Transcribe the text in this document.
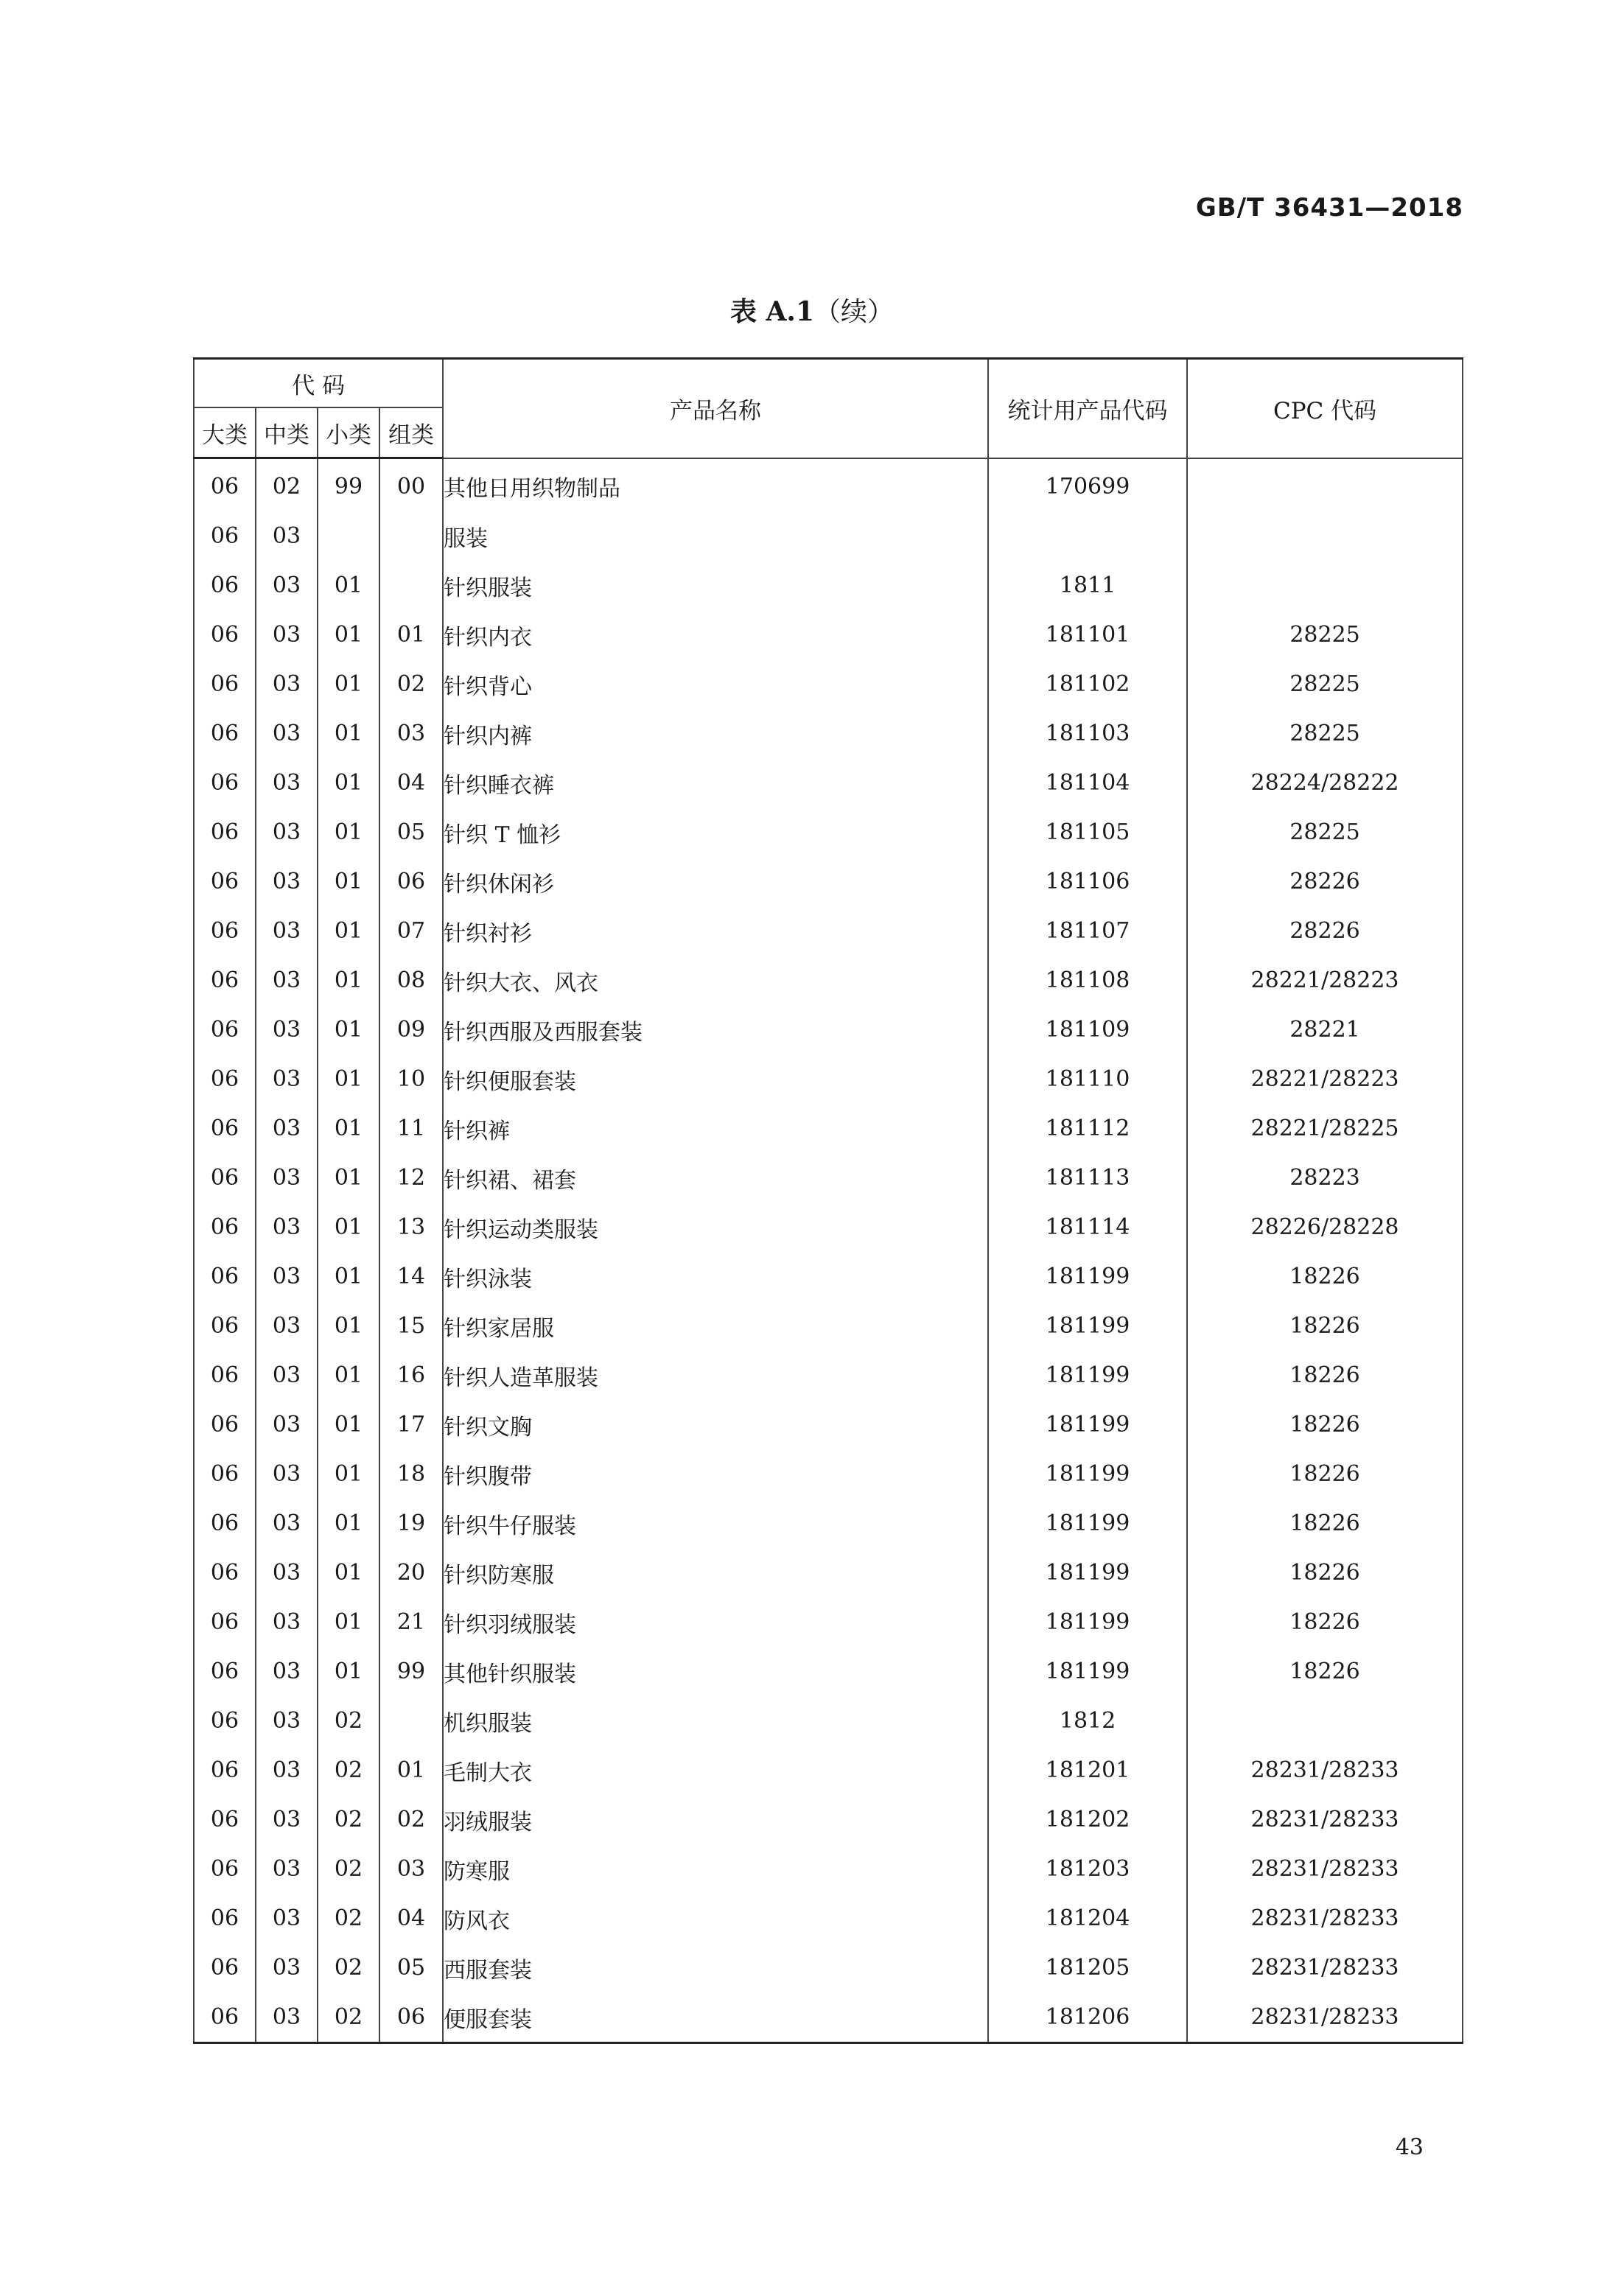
GB/T 36431—2018
表 A.1（续）
代 码				产品名称	统计用产品代码	CPC 代码
大类	中类	小类	组类			
06	02	99	00	其他日用织物制品	170699	
06	03			服装		
06	03	01		针织服装	1811	
06	03	01	01	针织内衣	181101	28225
06	03	01	02	针织背心	181102	28225
06	03	01	03	针织内裤	181103	28225
06	03	01	04	针织睡衣裤	181104	28224/28222
06	03	01	05	针织 T 恤衫	181105	28225
06	03	01	06	针织休闲衫	181106	28226
06	03	01	07	针织衬衫	181107	28226
06	03	01	08	针织大衣、风衣	181108	28221/28223
06	03	01	09	针织西服及西服套装	181109	28221
06	03	01	10	针织便服套装	181110	28221/28223
06	03	01	11	针织裤	181112	28221/28225
06	03	01	12	针织裙、裙套	181113	28223
06	03	01	13	针织运动类服装	181114	28226/28228
06	03	01	14	针织泳装	181199	18226
06	03	01	15	针织家居服	181199	18226
06	03	01	16	针织人造革服装	181199	18226
06	03	01	17	针织文胸	181199	18226
06	03	01	18	针织腹带	181199	18226
06	03	01	19	针织牛仔服装	181199	18226
06	03	01	20	针织防寒服	181199	18226
06	03	01	21	针织羽绒服装	181199	18226
06	03	01	99	其他针织服装	181199	18226
06	03	02		机织服装	1812	
06	03	02	01	毛制大衣	181201	28231/28233
06	03	02	02	羽绒服装	181202	28231/28233
06	03	02	03	防寒服	181203	28231/28233
06	03	02	04	防风衣	181204	28231/28233
06	03	02	05	西服套装	181205	28231/28233
06	03	02	06	便服套装	181206	28231/28233
43
